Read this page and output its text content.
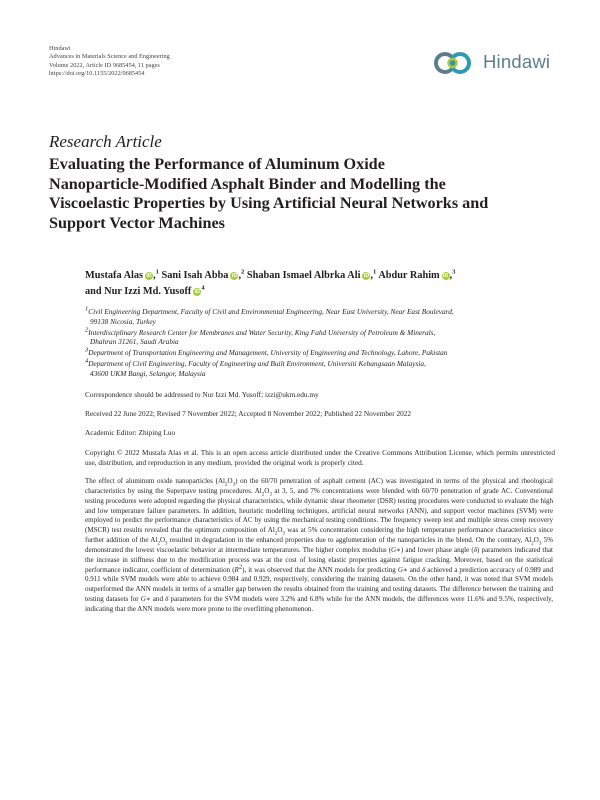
Hindawi
Advances in Materials Science and Engineering
Volume 2022, Article ID 9685454, 11 pages
https://doi.org/10.1155/2022/9685454
Hindawi
Research Article
Evaluating the Performance of Aluminum Oxide
Nanoparticle-Modified Asphalt Binder and Modelling the
Viscoelastic Properties by Using Artificial Neural Networks and
Support Vector Machines
Mustafa Alas iD,$^1$ Sani Isah Abba iD,$^2$ Shaban Ismael Albrka Ali iD,$^1$ Abdur Rahim iD,$^3$
and Nur Izzi Md. Yusoff $iD^4$
$^1$Civil Engineering Department, Faculty of Civil and Environmental Engineering, Near East University, Near East Boulevard,
99138 Nicosia, Turkey
$^2$Interdisciplinary Research Center for Membranes and Water Security, King Fahd University of Petroleum & Minerals,
Dhahran 31261, Saudi Arabia
$^3$Department of Transportation Engineering and Management, University of Engineering and Technology, Lahore, Pakistan
$^4$Department of Civil Engineering, Faculty of Engineering and Built Environment, Universiti Kebangsaan Malaysia,
43600 UKM Bangi, Selangor, Malaysia
Correspondence should be addressed to Nur Izzi Md. Yusoff; izzi@ukm.edu.my
Received 22 June 2022; Revised 7 November 2022; Accepted 8 November 2022; Published 22 November 2022
Academic Editor: Zhiping Luo
Copyright © 2022 Mustafa Alas et al. This is an open access article distributed under the Creative Commons Attribution License, which permits unrestricted use, distribution, and reproduction in any medium, provided the original work is properly cited.

The effect of aluminum oxide nanoparticles $(Al_2O_3)$ on the 60/70 penetration of asphalt cement (AC) was investigated in terms of the physical and rheological characteristics by using the Superpave testing procedures. $Al_2O_3$ at 3, 5, and 7% concentrations were blended with 60/70 penetration of grade AC. Conventional testing procedures were adopted regarding the physical characteristics, while dynamic shear rheometer (DSR) testing procedures were conducted to evaluate the high and low temperature failure parameters. In addition, heuristic modelling techniques, artificial neural networks (ANN), and support vector machines (SVM) were employed to predict the performance characteristics of AC by using the mechanical testing conditions. The frequency sweep test and multiple stress creep recovery (MSCR) test results revealed that the optimum composition of $Al_2O_3$ was at 5% concentration considering the high temperature performance characteristics since further addition of the $Al_2O_3$ resulted in degradation in the enhanced properties due to agglomeration of the nanoparticles in the blend. On the contrary, $Al_2O_3$ 5% demonstrated the lowest viscoelastic behavior at intermediate temperatures. The higher complex modulus (G∗) and lower phase angle (δ) parameters indicated that the increase in stiffness due to the modification process was at the cost of losing elastic properties against fatigue cracking. Moreover, based on the statistical performance indicator, coefficient of determination $(R^2)$, it was observed that the ANN models for predicting G∗ and δ achieved a prediction accuracy of 0.989 and 0.911 while SVM models were able to achieve 0.984 and 0.929, respectively, considering the training datasets. On the other hand, it was noted that SVM models outperformed the ANN models in terms of a smaller gap between the results obtained from the training and testing datasets. The difference between the training and testing datasets for G∗ and δ parameters for the SVM models were 3.2% and 6.8% while for the ANN models, the differences were 11.6% and 9.5%, respectively, indicating that the ANN models were more prone to the overfitting phenomenon.
